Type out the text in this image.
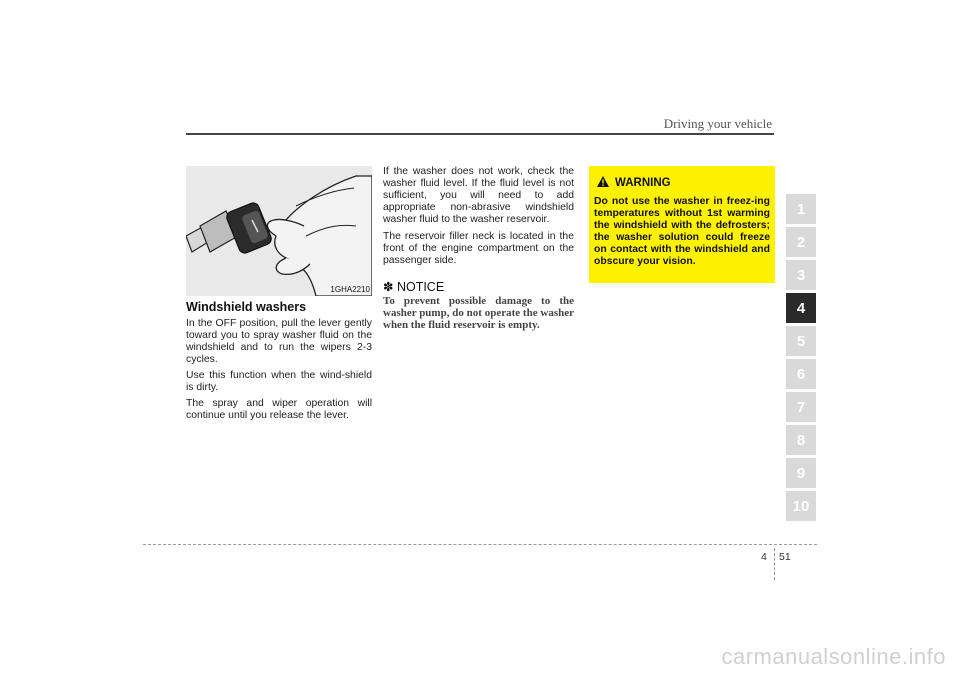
Driving your vehicle
1GHA2210
Windshield washers

In the OFF position, pull the lever gently toward you to spray washer fluid on the windshield and to run the wipers 2-3 cycles.

Use this function when the wind-shield is dirty.

The spray and wiper operation will continue until you release the lever.

If the washer does not work, check the washer fluid level. If the fluid level is not sufficient, you will need to add appropriate non-abrasive windshield washer fluid to the washer reservoir.

The reservoir filler neck is located in the front of the engine compartment on the passenger side.

✽ NOTICE
To prevent possible damage to the washer pump, do not operate the washer when the fluid reservoir is empty.
WARNING
Do not use the washer in freez-ing temperatures without 1st warming the windshield with the defrosters; the washer solution could freeze on contact with the windshield and obscure your vision.
1
2
3
4
5
6
7
8
9
10
4 51
carmanualsonline.info
